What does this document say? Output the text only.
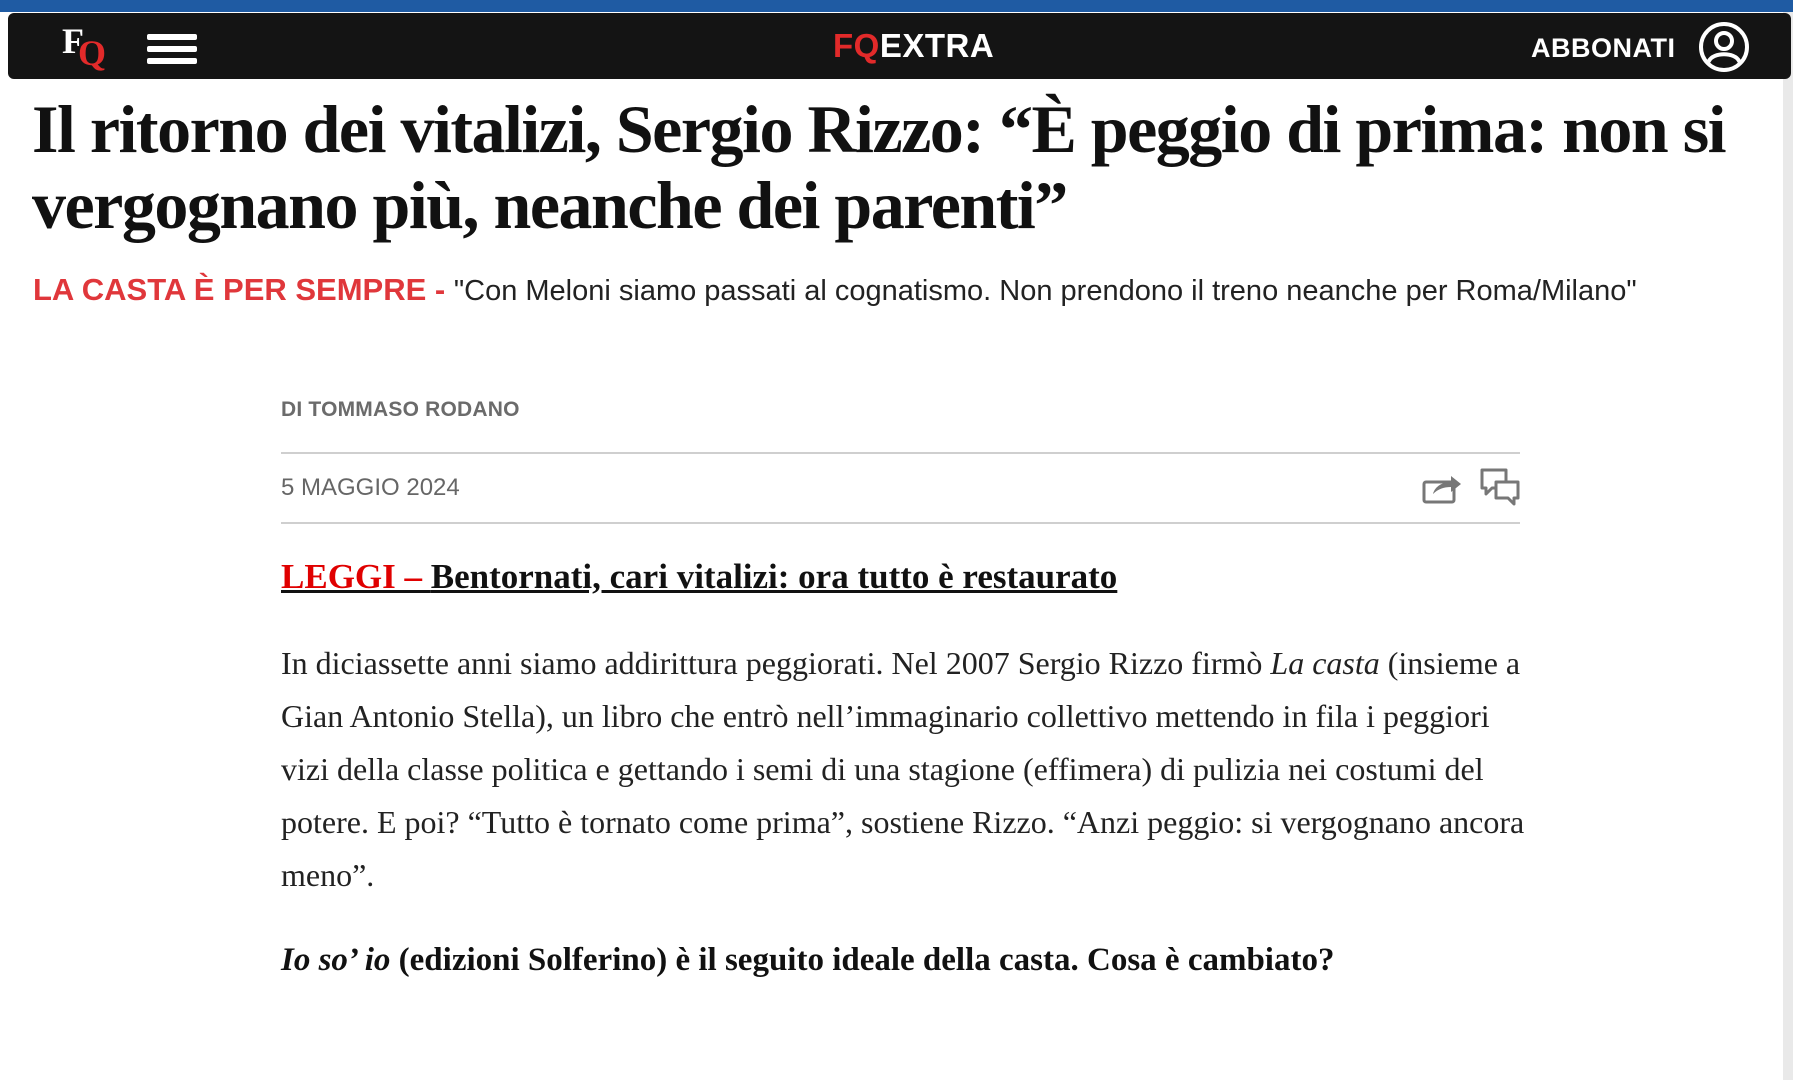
F
Q	FQEXTRA	ABBONATI
Il ritorno dei vitalizi, Sergio Rizzo: “È peggio di prima: non si vergognano più, neanche dei parenti”
LA CASTA È PER SEMPRE - "Con Meloni siamo passati al cognatismo. Non prendono il treno neanche per Roma/Milano"
DI TOMMASO RODANO
5 MAGGIO 2024
LEGGI – Bentornati, cari vitalizi: ora tutto è restaurato

In diciassette anni siamo addirittura peggiorati. Nel 2007 Sergio Rizzo firmò La casta (insieme a Gian Antonio Stella), un libro che entrò nell’immaginario collettivo mettendo in fila i peggiori vizi della classe politica e gettando i semi di una stagione (effimera) di pulizia nei costumi del potere. E poi? “Tutto è tornato come prima”, sostiene Rizzo. “Anzi peggio: si vergognano ancora meno”.

Io so’ io (edizioni Solferino) è il seguito ideale della casta. Cosa è cambiato?
